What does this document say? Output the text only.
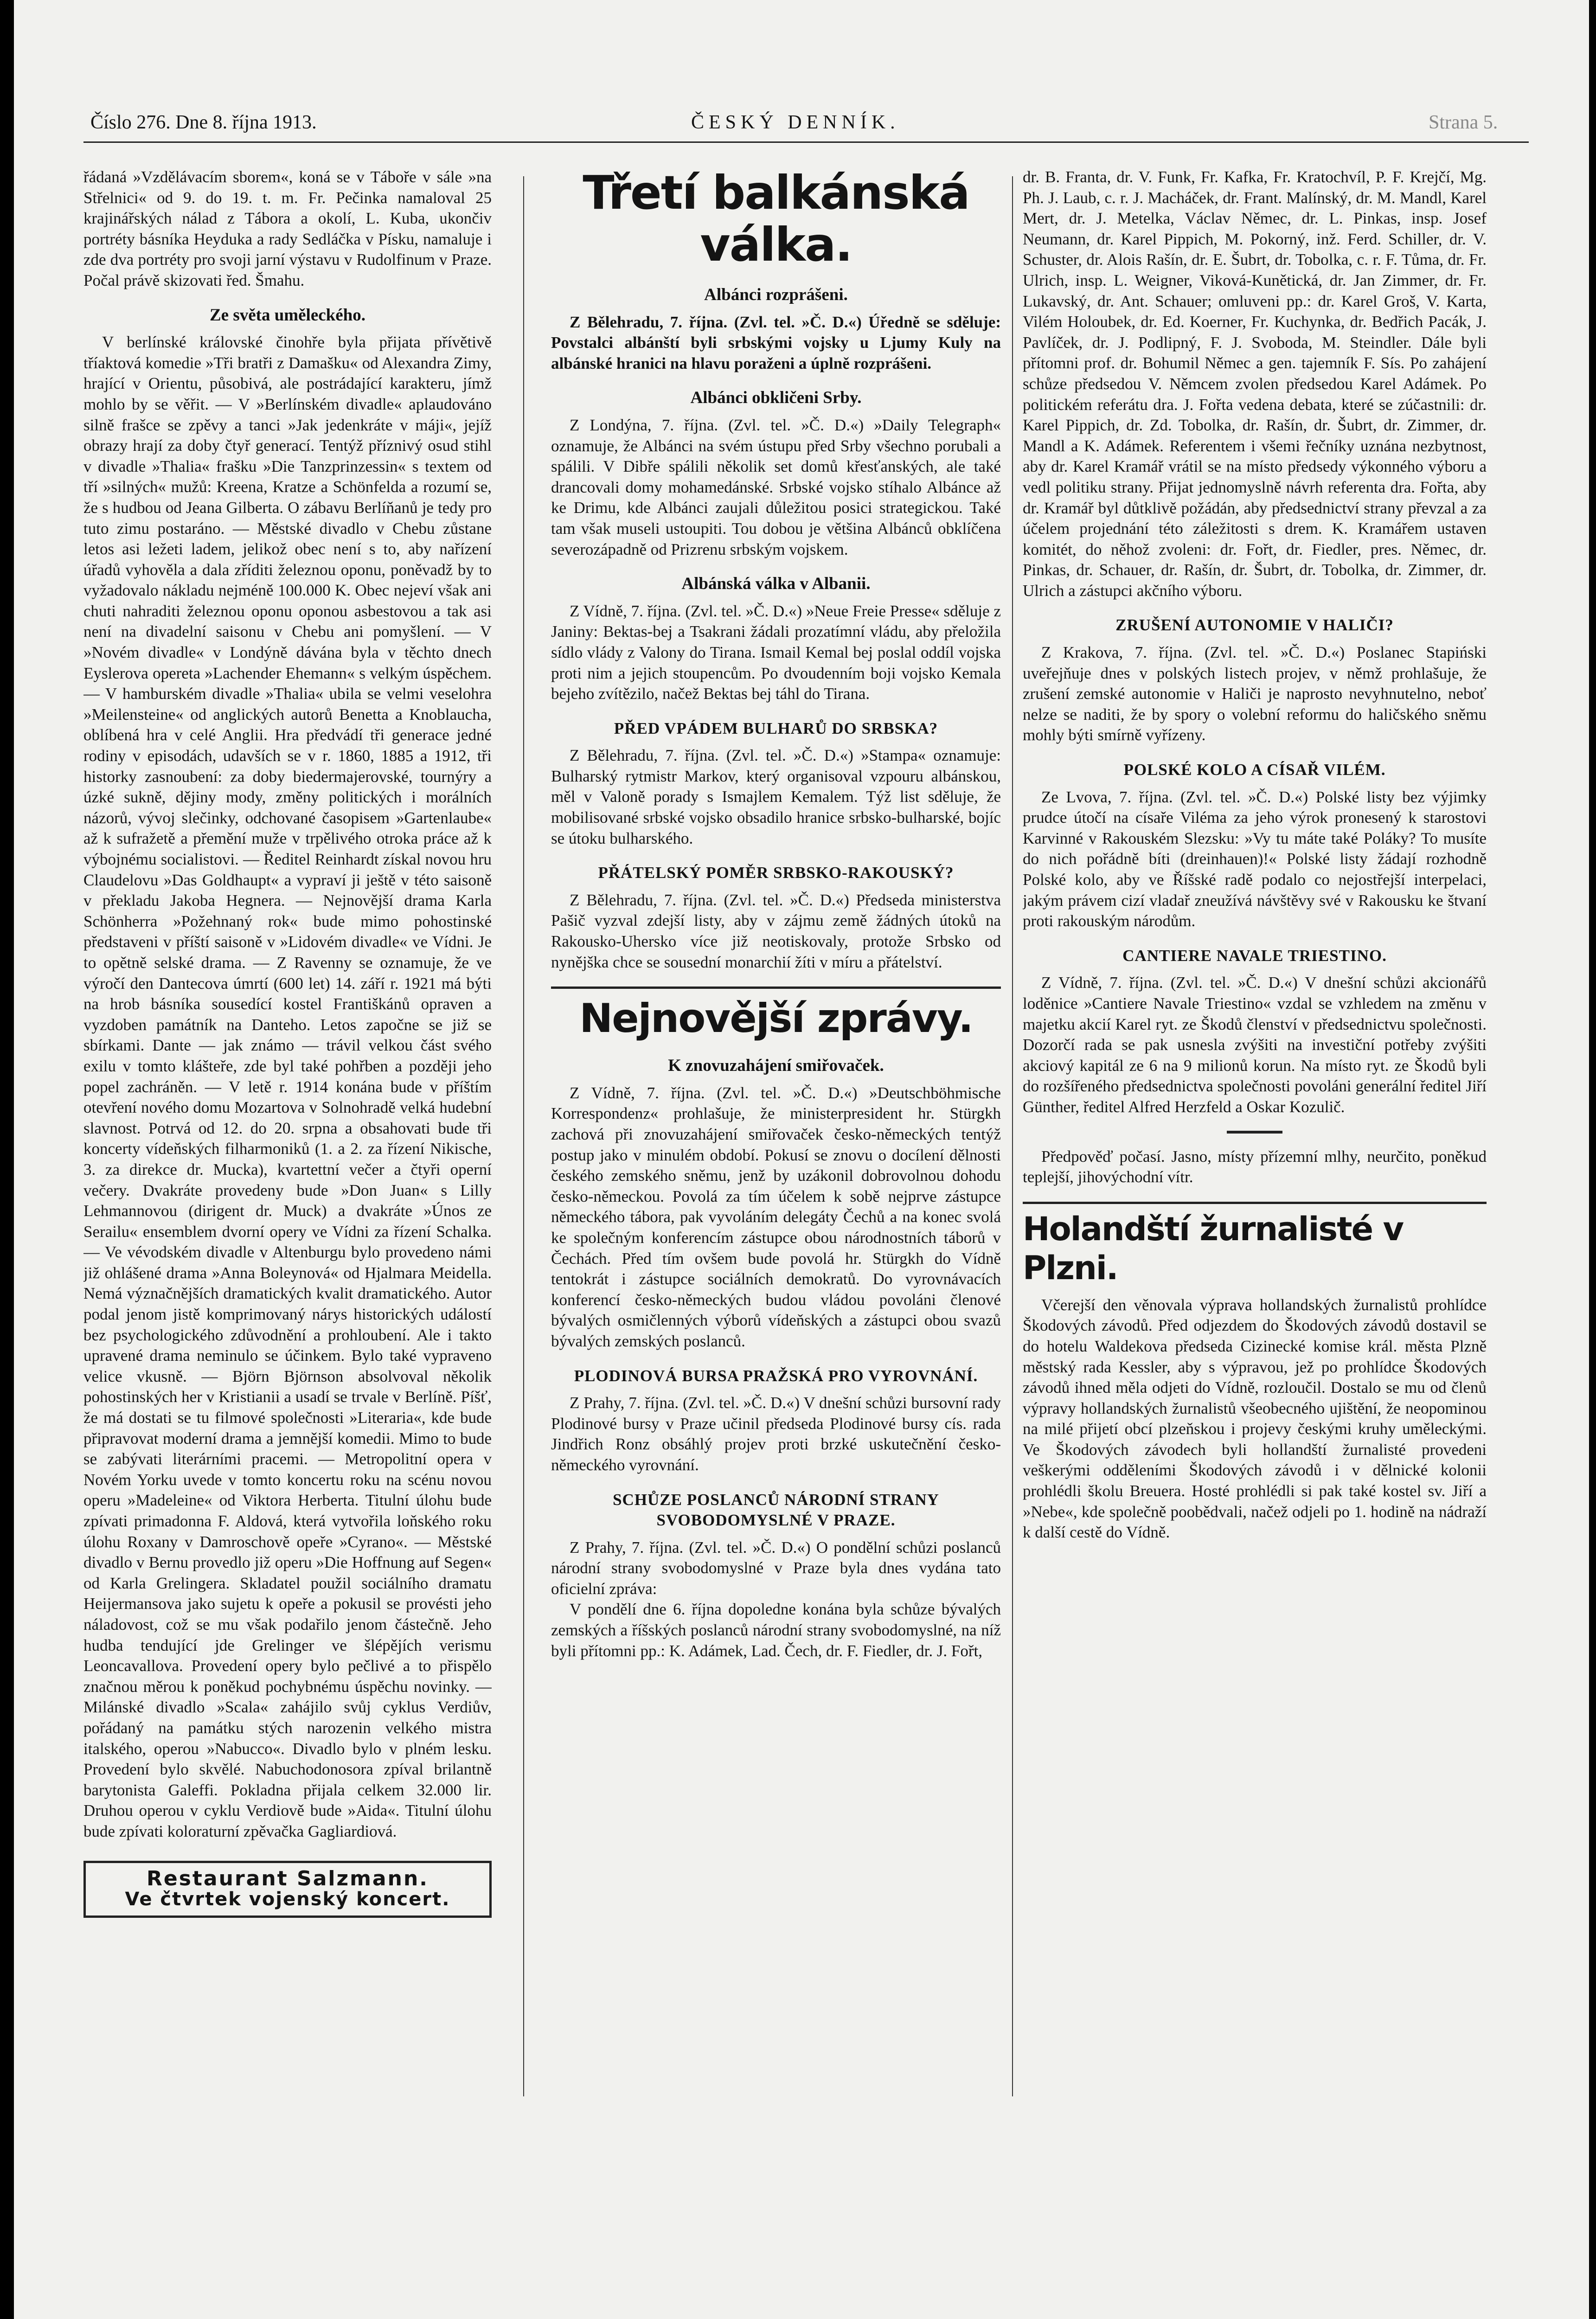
Číslo 276. Dne 8. října 1913.	ČESKÝ DENNÍK.	Strana 5.

řádaná »Vzdělávacím sborem«, koná se v Táboře v sále »na Střelnici« od 9. do 19. t. m. Fr. Pečinka namaloval 25 krajinářských nálad z Tábora a okolí, L. Kuba, ukončiv portréty básníka Heyduka a rady Sedláčka v Písku, namaluje i zde dva portréty pro svoji jarní výstavu v Rudolfinum v Praze. Počal právě skizovati řed. Šmahu.

Ze světa uměleckého.

V berlínské královské činohře byla přijata přívětivě tříaktová komedie »Tři bratři z Damašku« od Alexandra Zimy, hrající v Orientu, působivá, ale postrádající karakteru, jímž mohlo by se věřit. — V »Berlínském divadle« aplaudováno silně frašce se zpěvy a tanci »Jak jedenkráte v máji«, jejíž obrazy hrají za doby čtyř generací. Tentýž příznivý osud stihl v divadle »Thalia« frašku »Die Tanzprinzessin« s textem od tří »silných« mužů: Kreena, Kratze a Schönfelda a rozumí se, že s hudbou od Jeana Gilberta. O zábavu Berlíňanů je tedy pro tuto zimu postaráno. — Městské divadlo v Chebu zůstane letos asi ležeti ladem, jelikož obec není s to, aby nařízení úřadů vyhověla a dala zříditi železnou oponu, poněvadž by to vyžadovalo nákladu nejméně 100.000 K. Obec nejeví však ani chuti nahraditi železnou oponu oponou asbestovou a tak asi není na divadelní saisonu v Chebu ani pomyšlení. — V »Novém divadle« v Londýně dávána byla v těchto dnech Eyslerova opereta »Lachender Ehemann« s velkým úspěchem. — V hamburském divadle »Thalia« ubila se velmi veselohra »Meilensteine« od anglických autorů Benetta a Knoblaucha, oblíbená hra v celé Anglii. Hra předvádí tři generace jedné rodiny v episodách, udavších se v r. 1860, 1885 a 1912, tři historky zasnoubení: za doby biedermajerovské, tournýry a úzké sukně, dějiny mody, změny politických i morálních názorů, vývoj slečinky, odchované časopisem »Gartenlaube« až k sufražetě a přemění muže v trpělivého otroka práce až k výbojnému socialistovi. — Ředitel Reinhardt získal novou hru Claudelovu »Das Goldhaupt« a vypraví ji ještě v této saisoně v překladu Jakoba Hegnera. — Nejnovější drama Karla Schönherra »Požehnaný rok« bude mimo pohostinské představeni v příští saisoně v »Lidovém divadle« ve Vídni. Je to opětně selské drama. — Z Ravenny se oznamuje, že ve výročí den Dantecova úmrtí (600 let) 14. září r. 1921 má býti na hrob básníka sousedící kostel Františkánů opraven a vyzdoben památník na Danteho. Letos započne se již se sbírkami. Dante — jak známo — trávil velkou část svého exilu v tomto klášteře, zde byl také pohřben a později jeho popel zachráněn. — V letě r. 1914 konána bude v příštím otevření nového domu Mozartova v Solnohradě velká hudební slavnost. Potrvá od 12. do 20. srpna a obsahovati bude tři koncerty vídeňských filharmoniků (1. a 2. za řízení Nikische, 3. za direkce dr. Mucka), kvartettní večer a čtyři operní večery. Dvakráte provedeny bude »Don Juan« s Lilly Lehmannovou (dirigent dr. Muck) a dvakráte »Únos ze Serailu« ensemblem dvorní opery ve Vídni za řízení Schalka. — Ve vévodském divadle v Altenburgu bylo provedeno námi již ohlášené drama »Anna Boleynová« od Hjalmara Meidella. Nemá význačnějších dramatických kvalit dramatického. Autor podal jenom jistě komprimovaný nárys historických událostí bez psychologického zdůvodnění a prohloubení. Ale i takto upravené drama neminulo se účinkem. Bylo také vypraveno velice vkusně. — Björn Björnson absolvoval několik pohostinských her v Kristianii a usadí se trvale v Berlíně. Píšť, že má dostati se tu filmové společnosti »Literaria«, kde bude připravovat moderní drama a jemnější komedii. Mimo to bude se zabývati literárními pracemi. — Metropolitní opera v Novém Yorku uvede v tomto koncertu roku na scénu novou operu »Madeleine« od Viktora Herberta. Titulní úlohu bude zpívati primadonna F. Aldová, která vytvořila loňského roku úlohu Roxany v Damroschově opeře »Cyrano«. — Městské divadlo v Bernu provedlo již operu »Die Hoffnung auf Segen« od Karla Grelingera. Skladatel použil sociálního dramatu Heijermansova jako sujetu k opeře a pokusil se provésti jeho náladovost, což se mu však podařilo jenom částečně. Jeho hudba tendující jde Grelinger ve šlépějích verismu Leoncavallova. Provedení opery bylo pečlivé a to přispělo značnou měrou k poněkud pochybnému úspěchu novinky. — Milánské divadlo »Scala« zahájilo svůj cyklus Verdiův, pořádaný na památku stých narozenin velkého mistra italského, operou »Nabucco«. Divadlo bylo v plném lesku. Provedení bylo skvělé. Nabuchodonosora zpíval brilantně barytonista Galeffi. Pokladna přijala celkem 32.000 lir. Druhou operou v cyklu Verdiově bude »Aida«. Titulní úlohu bude zpívati koloraturní zpěvačka Gagliardiová.

Restaurant Salzmann.
Ve čtvrtek vojenský koncert.
Třetí balkánská válka.
Albánci rozprášeni.

Z Bělehradu, 7. října. (Zvl. tel. »Č. D.«) Úředně se sděluje: Povstalci albánští byli srbskými vojsky u Ljumy Kuly na albánské hranici na hlavu poraženi a úplně rozprášeni.

Albánci obkličeni Srby.

Z Londýna, 7. října. (Zvl. tel. »Č. D.«) »Daily Telegraph« oznamuje, že Albánci na svém ústupu před Srby všechno porubali a spálili. V Dibře spálili několik set domů křesťanských, ale také drancovali domy mohamedánské. Srbské vojsko stíhalo Albánce až ke Drimu, kde Albánci zaujali důležitou posici strategickou. Také tam však museli ustoupiti. Tou dobou je většina Albánců obklíčena severozápadně od Prizrenu srbským vojskem.

Albánská válka v Albanii.

Z Vídně, 7. října. (Zvl. tel. »Č. D.«) »Neue Freie Presse« sděluje z Janiny: Bektas-bej a Tsakrani žádali prozatímní vládu, aby přeložila sídlo vlády z Valony do Tirana. Ismail Kemal bej poslal oddíl vojska proti nim a jejich stoupencům. Po dvoudenním boji vojsko Kemala bejeho zvítězilo, načež Bektas bej táhl do Tirana.

PŘED VPÁDEM BULHARŮ DO SRBSKA?

Z Bělehradu, 7. října. (Zvl. tel. »Č. D.«) »Stampa« oznamuje: Bulharský rytmistr Markov, který organisoval vzpouru albánskou, měl v Valoně porady s Ismajlem Kemalem. Týž list sděluje, že mobilisované srbské vojsko obsadilo hranice srbsko-bulharské, bojíc se útoku bulharského.

PŘÁTELSKÝ POMĚR SRBSKO-RAKOUSKÝ?

Z Bělehradu, 7. října. (Zvl. tel. »Č. D.«) Předseda ministerstva Pašič vyzval zdejší listy, aby v zájmu země žádných útoků na Rakousko-Uhersko více již neotiskovaly, protože Srbsko od nynějška chce se sousední monarchií žíti v míru a přátelství.

Nejnovější zprávy.
K znovuzahájení smiřovaček.

Z Vídně, 7. října. (Zvl. tel. »Č. D.«) »Deutschböhmische Korrespondenz« prohlašuje, že ministerpresident hr. Stürgkh zachová při znovuzahájení smiřovaček česko-německých tentýž postup jako v minulém období. Pokusí se znovu o docílení dělnosti českého zemského sněmu, jenž by uzákonil dobrovolnou dohodu česko-německou. Povolá za tím účelem k sobě nejprve zástupce německého tábora, pak vyvoláním delegáty Čechů a na konec svolá ke společným konferencím zástupce obou národnostních táborů v Čechách. Před tím ovšem bude povolá hr. Stürgkh do Vídně tentokrát i zástupce sociálních demokratů. Do vyrovnávacích konferencí česko-německých budou vládou povoláni členové bývalých osmičlenných výborů vídeňských a zástupci obou svazů bývalých zemských poslanců.

PLODINOVÁ BURSA PRAŽSKÁ PRO VYROVNÁNÍ.

Z Prahy, 7. října. (Zvl. tel. »Č. D.«) V dnešní schůzi bursovní rady Plodinové bursy v Praze učinil předseda Plodinové bursy cís. rada Jindřich Ronz obsáhlý projev proti brzké uskutečnění česko-německého vyrovnání.

SCHŮZE POSLANCŮ NÁRODNÍ STRANY SVOBODOMYSLNÉ V PRAZE.

Z Prahy, 7. října. (Zvl. tel. »Č. D.«) O pondělní schůzi poslanců národní strany svobodomyslné v Praze byla dnes vydána tato oficielní zpráva:

V pondělí dne 6. října dopoledne konána byla schůze bývalých zemských a říšských poslanců národní strany svobodomyslné, na níž byli přítomni pp.: K. Adámek, Lad. Čech, dr. F. Fiedler, dr. J. Fořt,

dr. B. Franta, dr. V. Funk, Fr. Kafka, Fr. Kratochvíl, P. F. Krejčí, Mg. Ph. J. Laub, c. r. J. Macháček, dr. Frant. Malínský, dr. M. Mandl, Karel Mert, dr. J. Metelka, Václav Němec, dr. L. Pinkas, insp. Josef Neumann, dr. Karel Pippich, M. Pokorný, inž. Ferd. Schiller, dr. V. Schuster, dr. Alois Rašín, dr. E. Šubrt, dr. Tobolka, c. r. F. Tůma, dr. Fr. Ulrich, insp. L. Weigner, Viková-Kunětická, dr. Jan Zimmer, dr. Fr. Lukavský, dr. Ant. Schauer; omluveni pp.: dr. Karel Groš, V. Karta, Vilém Holoubek, dr. Ed. Koerner, Fr. Kuchynka, dr. Bedřich Pacák, J. Pavlíček, dr. J. Podlipný, F. J. Svoboda, M. Steindler. Dále byli přítomni prof. dr. Bohumil Němec a gen. tajemník F. Sís. Po zahájení schůze předsedou V. Němcem zvolen předsedou Karel Adámek. Po politickém referátu dra. J. Fořta vedena debata, které se zúčastnili: dr. Karel Pippich, dr. Zd. Tobolka, dr. Rašín, dr. Šubrt, dr. Zimmer, dr. Mandl a K. Adámek. Referentem i všemi řečníky uznána nezbytnost, aby dr. Karel Kramář vrátil se na místo předsedy výkonného výboru a vedl politiku strany. Přijat jednomyslně návrh referenta dra. Fořta, aby dr. Kramář byl důtklivě požádán, aby předsednictví strany převzal a za účelem projednání této záležitosti s drem. K. Kramářem ustaven komitét, do něhož zvoleni: dr. Fořt, dr. Fiedler, pres. Němec, dr. Pinkas, dr. Schauer, dr. Rašín, dr. Šubrt, dr. Tobolka, dr. Zimmer, dr. Ulrich a zástupci akčního výboru.

ZRUŠENÍ AUTONOMIE V HALIČI?

Z Krakova, 7. října. (Zvl. tel. »Č. D.«) Poslanec Stapiński uveřejňuje dnes v polských listech projev, v němž prohlašuje, že zrušení zemské autonomie v Haliči je naprosto nevyhnutelno, neboť nelze se naditi, že by spory o volební reformu do haličského sněmu mohly býti smírně vyřízeny.

POLSKÉ KOLO A CÍSAŘ VILÉM.

Ze Lvova, 7. října. (Zvl. tel. »Č. D.«) Polské listy bez výjimky prudce útočí na císaře Viléma za jeho výrok pronesený k starostovi Karvinné v Rakouském Slezsku: »Vy tu máte také Poláky? To musíte do nich pořádně bíti (dreinhauen)!« Polské listy žádají rozhodně Polské kolo, aby ve Říšské radě podalo co nejostřejší interpelaci, jakým právem cizí vladař zneužívá návštěvy své v Rakousku ke štvaní proti rakouským národům.

CANTIERE NAVALE TRIESTINO.

Z Vídně, 7. října. (Zvl. tel. »Č. D.«) V dnešní schůzi akcionářů loděnice »Cantiere Navale Triestino« vzdal se vzhledem na změnu v majetku akcií Karel ryt. ze Škodů členství v předsednictvu společnosti. Dozorčí rada se pak usnesla zvýšiti na investiční potřeby zvýšiti akciový kapitál ze 6 na 9 milionů korun. Na místo ryt. ze Škodů byli do rozšířeného předsednictva společnosti povoláni generální ředitel Jiří Günther, ředitel Alfred Herzfeld a Oskar Kozulič.

Předpověď počasí. Jasno, místy přízemní mlhy, neurčito, poněkud teplejší, jihovýchodní vítr.

Holandští žurnalisté v Plzni.

Včerejší den věnovala výprava hollandských žurnalistů prohlídce Škodových závodů. Před odjezdem do Škodových závodů dostavil se do hotelu Waldekova předseda Cizinecké komise král. města Plzně městský rada Kessler, aby s výpravou, jež po prohlídce Škodových závodů ihned měla odjeti do Vídně, rozloučil. Dostalo se mu od členů výpravy hollandských žurnalistů všeobecného ujištění, že neopominou na milé přijetí obcí plzeňskou i projevy českými kruhy uměleckými. Ve Škodových závodech byli hollandští žurnalisté provedeni veškerými odděleními Škodových závodů i v dělnické kolonii prohlédli školu Breuera. Hosté prohlédli si pak také kostel sv. Jiří a »Nebe«, kde společně poobědvali, načež odjeli po 1. hodině na nádraží k další cestě do Vídně.
